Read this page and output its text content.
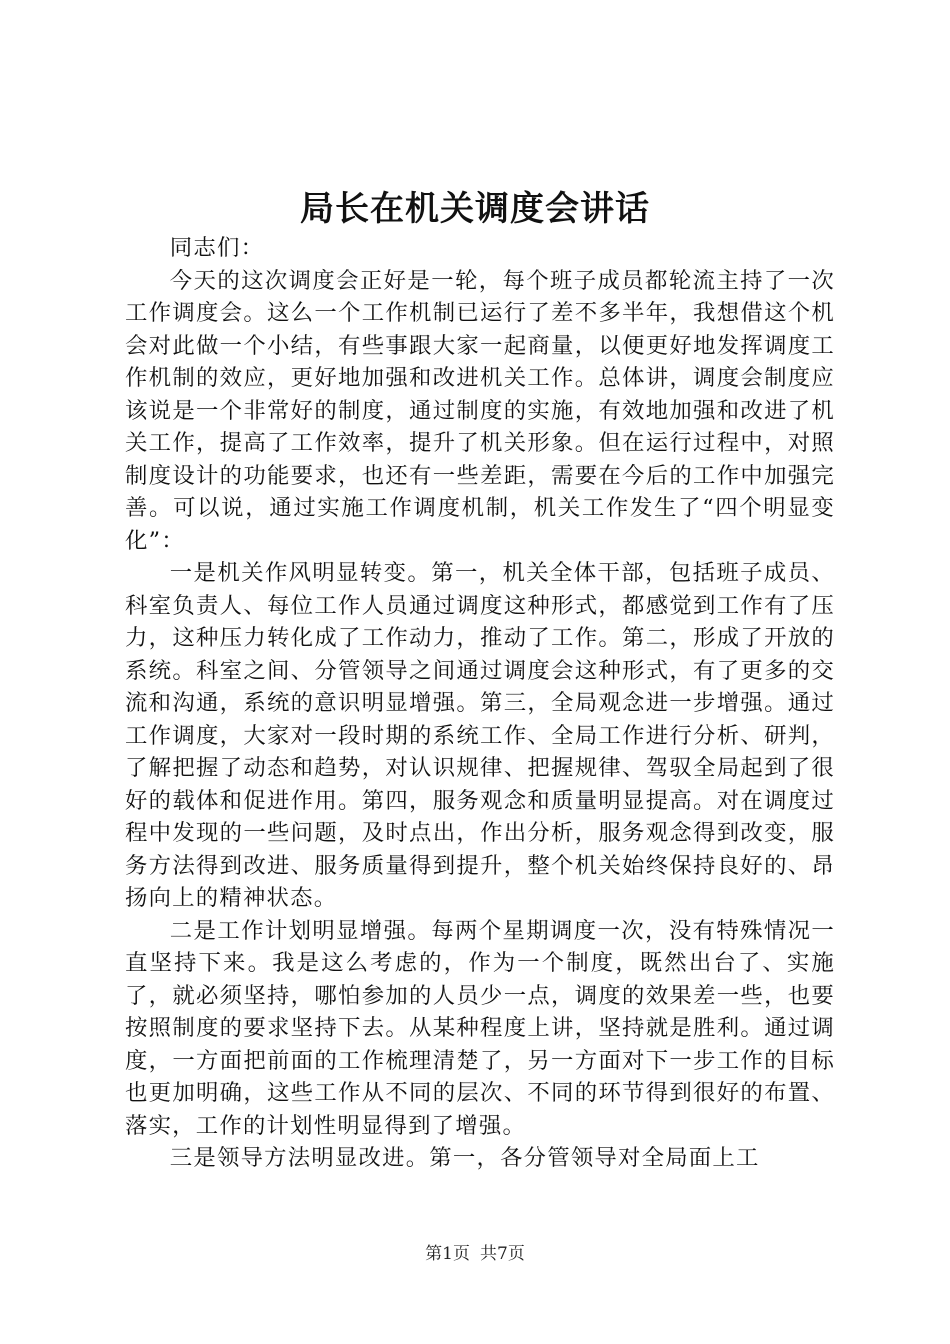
局长在机关调度会讲话

同志们：

今天的这次调度会正好是一轮，每个班子成员都轮流主持了一次工作调度会。这么一个工作机制已运行了差不多半年，我想借这个机会对此做一个小结，有些事跟大家一起商量，以便更好地发挥调度工作机制的效应，更好地加强和改进机关工作。总体讲，调度会制度应该说是一个非常好的制度，通过制度的实施，有效地加强和改进了机关工作，提高了工作效率，提升了机关形象。但在运行过程中，对照制度设计的功能要求，也还有一些差距，需要在今后的工作中加强完善。可以说，通过实施工作调度机制，机关工作发生了“四个明显变化”：

一是机关作风明显转变。第一，机关全体干部，包括班子成员、科室负责人、每位工作人员通过调度这种形式，都感觉到工作有了压力，这种压力转化成了工作动力，推动了工作。第二，形成了开放的系统。科室之间、分管领导之间通过调度会这种形式，有了更多的交流和沟通，系统的意识明显增强。第三，全局观念进一步增强。通过工作调度，大家对一段时期的系统工作、全局工作进行分析、研判，了解把握了动态和趋势，对认识规律、把握规律、驾驭全局起到了很好的载体和促进作用。第四，服务观念和质量明显提高。对在调度过程中发现的一些问题，及时点出，作出分析，服务观念得到改变，服务方法得到改进、服务质量得到提升，整个机关始终保持良好的、昂扬向上的精神状态。

二是工作计划明显增强。每两个星期调度一次，没有特殊情况一直坚持下来。我是这么考虑的，作为一个制度，既然出台了、实施了，就必须坚持，哪怕参加的人员少一点，调度的效果差一些，也要按照制度的要求坚持下去。从某种程度上讲，坚持就是胜利。通过调度，一方面把前面的工作梳理清楚了，另一方面对下一步工作的目标也更加明确，这些工作从不同的层次、不同的环节得到很好的布置、落实，工作的计划性明显得到了增强。

三是领导方法明显改进。第一，各分管领导对全局面上工

第1页 共7页
